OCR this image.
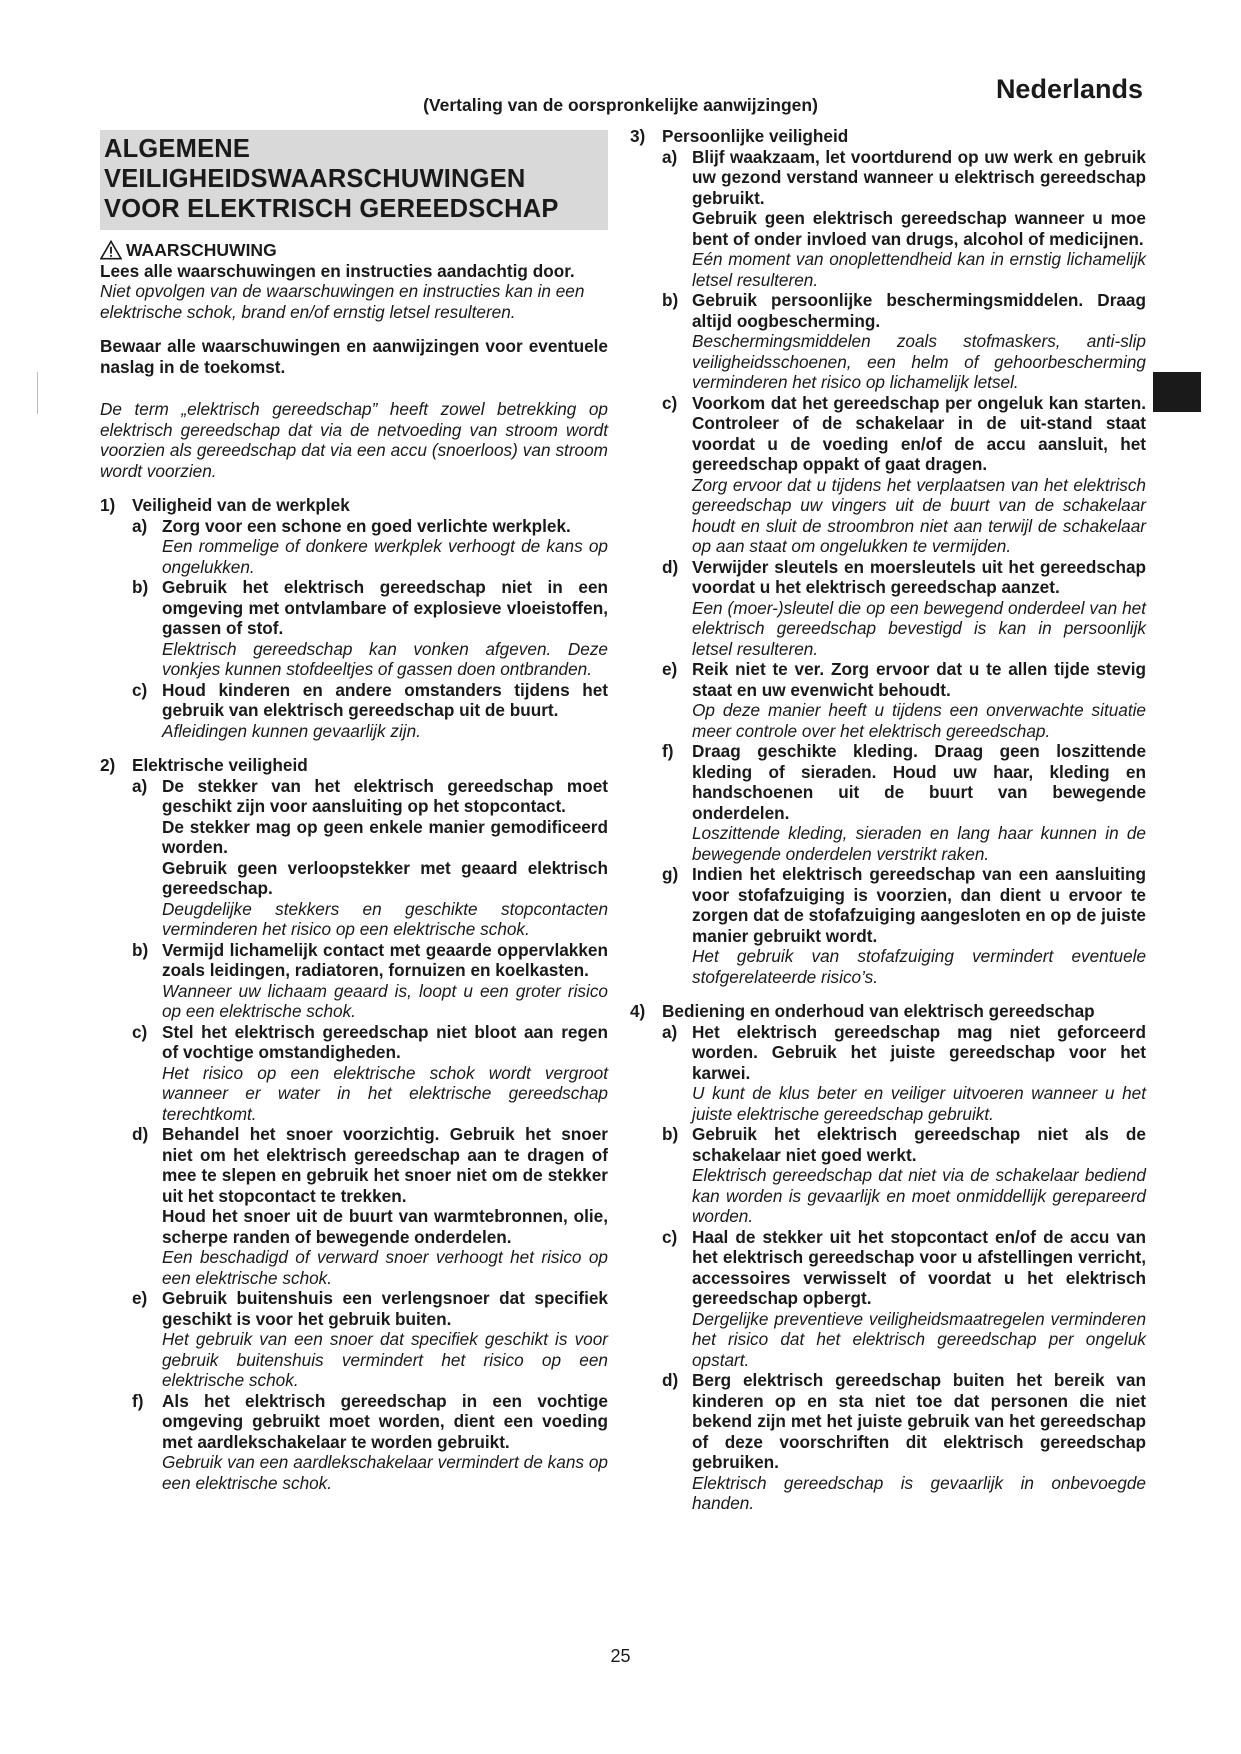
Nederlands
(Vertaling van de oorspronkelijke aanwijzingen)
ALGEMENE VEILIGHEIDSWAARSCHUWINGEN VOOR ELEKTRISCH GEREEDSCHAP
WAARSCHUWING

Lees alle waarschuwingen en instructies aandachtig door.

Niet opvolgen van de waarschuwingen en instructies kan in een elektrische schok, brand en/of ernstig letsel resulteren.

Bewaar alle waarschuwingen en aanwijzingen voor eventuele naslag in de toekomst.

De term „elektrisch gereedschap” heeft zowel betrekking op elektrisch gereedschap dat via de netvoeding van stroom wordt voorzien als gereedschap dat via een accu (snoerloos) van stroom wordt voorzien.

1) Veiligheid van de werkplek
a) Zorg voor een schone en goed verlichte werkplek.

Een rommelige of donkere werkplek verhoogt de kans op ongelukken.

b) Gebruik het elektrisch gereedschap niet in een omgeving met ontvlambare of explosieve vloeistoffen, gassen of stof.

Elektrisch gereedschap kan vonken afgeven. Deze vonkjes kunnen stofdeeltjes of gassen doen ontbranden.

c) Houd kinderen en andere omstanders tijdens het gebruik van elektrisch gereedschap uit de buurt.

Afleidingen kunnen gevaarlijk zijn.

2) Elektrische veiligheid
a) De stekker van het elektrisch gereedschap moet geschikt zijn voor aansluiting op het stopcontact.

De stekker mag op geen enkele manier gemodificeerd worden.

Gebruik geen verloopstekker met geaard elektrisch gereedschap.

Deugdelijke stekkers en geschikte stopcontacten verminderen het risico op een elektrische schok.

b) Vermijd lichamelijk contact met geaarde oppervlakken zoals leidingen, radiatoren, fornuizen en koelkasten.

Wanneer uw lichaam geaard is, loopt u een groter risico op een elektrische schok.

c) Stel het elektrisch gereedschap niet bloot aan regen of vochtige omstandigheden.

Het risico op een elektrische schok wordt vergroot wanneer er water in het elektrische gereedschap terechtkomt.

d) Behandel het snoer voorzichtig. Gebruik het snoer niet om het elektrisch gereedschap aan te dragen of mee te slepen en gebruik het snoer niet om de stekker uit het stopcontact te trekken.

Houd het snoer uit de buurt van warmtebronnen, olie, scherpe randen of bewegende onderdelen.

Een beschadigd of verward snoer verhoogt het risico op een elektrische schok.

e) Gebruik buitenshuis een verlengsnoer dat specifiek geschikt is voor het gebruik buiten.

Het gebruik van een snoer dat specifiek geschikt is voor gebruik buitenshuis vermindert het risico op een elektrische schok.

f)	Als het elektrisch gereedschap in een vochtige omgeving gebruikt moet worden, dient een voeding met aardlekschakelaar te worden gebruikt.

Gebruik van een aardlekschakelaar vermindert de kans op een elektrische schok.

3) Persoonlijke veiligheid
a) Blijf waakzaam, let voortdurend op uw werk en gebruik uw gezond verstand wanneer u elektrisch gereedschap gebruikt.

Gebruik geen elektrisch gereedschap wanneer u moe bent of onder invloed van drugs, alcohol of medicijnen.

Eén moment van onoplettendheid kan in ernstig lichamelijk letsel resulteren.

b) Gebruik persoonlijke beschermingsmiddelen. Draag altijd oogbescherming.

Beschermingsmiddelen zoals stofmaskers, anti-slip veiligheidsschoenen, een helm of gehoorbescherming verminderen het risico op lichamelijk letsel.

c) Voorkom dat het gereedschap per ongeluk kan starten. Controleer of de schakelaar in de uit-stand staat voordat u de voeding en/of de accu aansluit, het gereedschap oppakt of gaat dragen.

Zorg ervoor dat u tijdens het verplaatsen van het elektrisch gereedschap uw vingers uit de buurt van de schakelaar houdt en sluit de stroombron niet aan terwijl de schakelaar op aan staat om ongelukken te vermijden.

d) Verwijder sleutels en moersleutels uit het gereedschap voordat u het elektrisch gereedschap aanzet.

Een (moer-)sleutel die op een bewegend onderdeel van het elektrisch gereedschap bevestigd is kan in persoonlijk letsel resulteren.

e) Reik niet te ver. Zorg ervoor dat u te allen tijde stevig staat en uw evenwicht behoudt.

Op deze manier heeft u tijdens een onverwachte situatie meer controle over het elektrisch gereedschap.

f)	Draag geschikte kleding. Draag geen loszittende kleding of sieraden. Houd uw haar, kleding en handschoenen uit de buurt van bewegende onderdelen.

Loszittende kleding, sieraden en lang haar kunnen in de bewegende onderdelen verstrikt raken.

g) Indien het elektrisch gereedschap van een aansluiting voor stofafzuiging is voorzien, dan dient u ervoor te zorgen dat de stofafzuiging aangesloten en op de juiste manier gebruikt wordt.

Het gebruik van stofafzuiging vermindert eventuele stofgerelateerde risico’s.

4) Bediening en onderhoud van elektrisch gereedschap
a) Het elektrisch gereedschap mag niet geforceerd worden. Gebruik het juiste gereedschap voor het karwei.

U kunt de klus beter en veiliger uitvoeren wanneer u het juiste elektrische gereedschap gebruikt.

b) Gebruik het elektrisch gereedschap niet als de schakelaar niet goed werkt.

Elektrisch gereedschap dat niet via de schakelaar bediend kan worden is gevaarlijk en moet onmiddellijk gerepareerd worden.

c) Haal de stekker uit het stopcontact en/of de accu van het elektrisch gereedschap voor u afstellingen verricht, accessoires verwisselt of voordat u het elektrisch gereedschap opbergt.

Dergelijke preventieve veiligheidsmaatregelen verminderen het risico dat het elektrisch gereedschap per ongeluk opstart.

d) Berg elektrisch gereedschap buiten het bereik van kinderen op en sta niet toe dat personen die niet bekend zijn met het juiste gebruik van het gereedschap of deze voorschriften dit elektrisch gereedschap gebruiken.

Elektrisch gereedschap is gevaarlijk in onbevoegde handen.

25
